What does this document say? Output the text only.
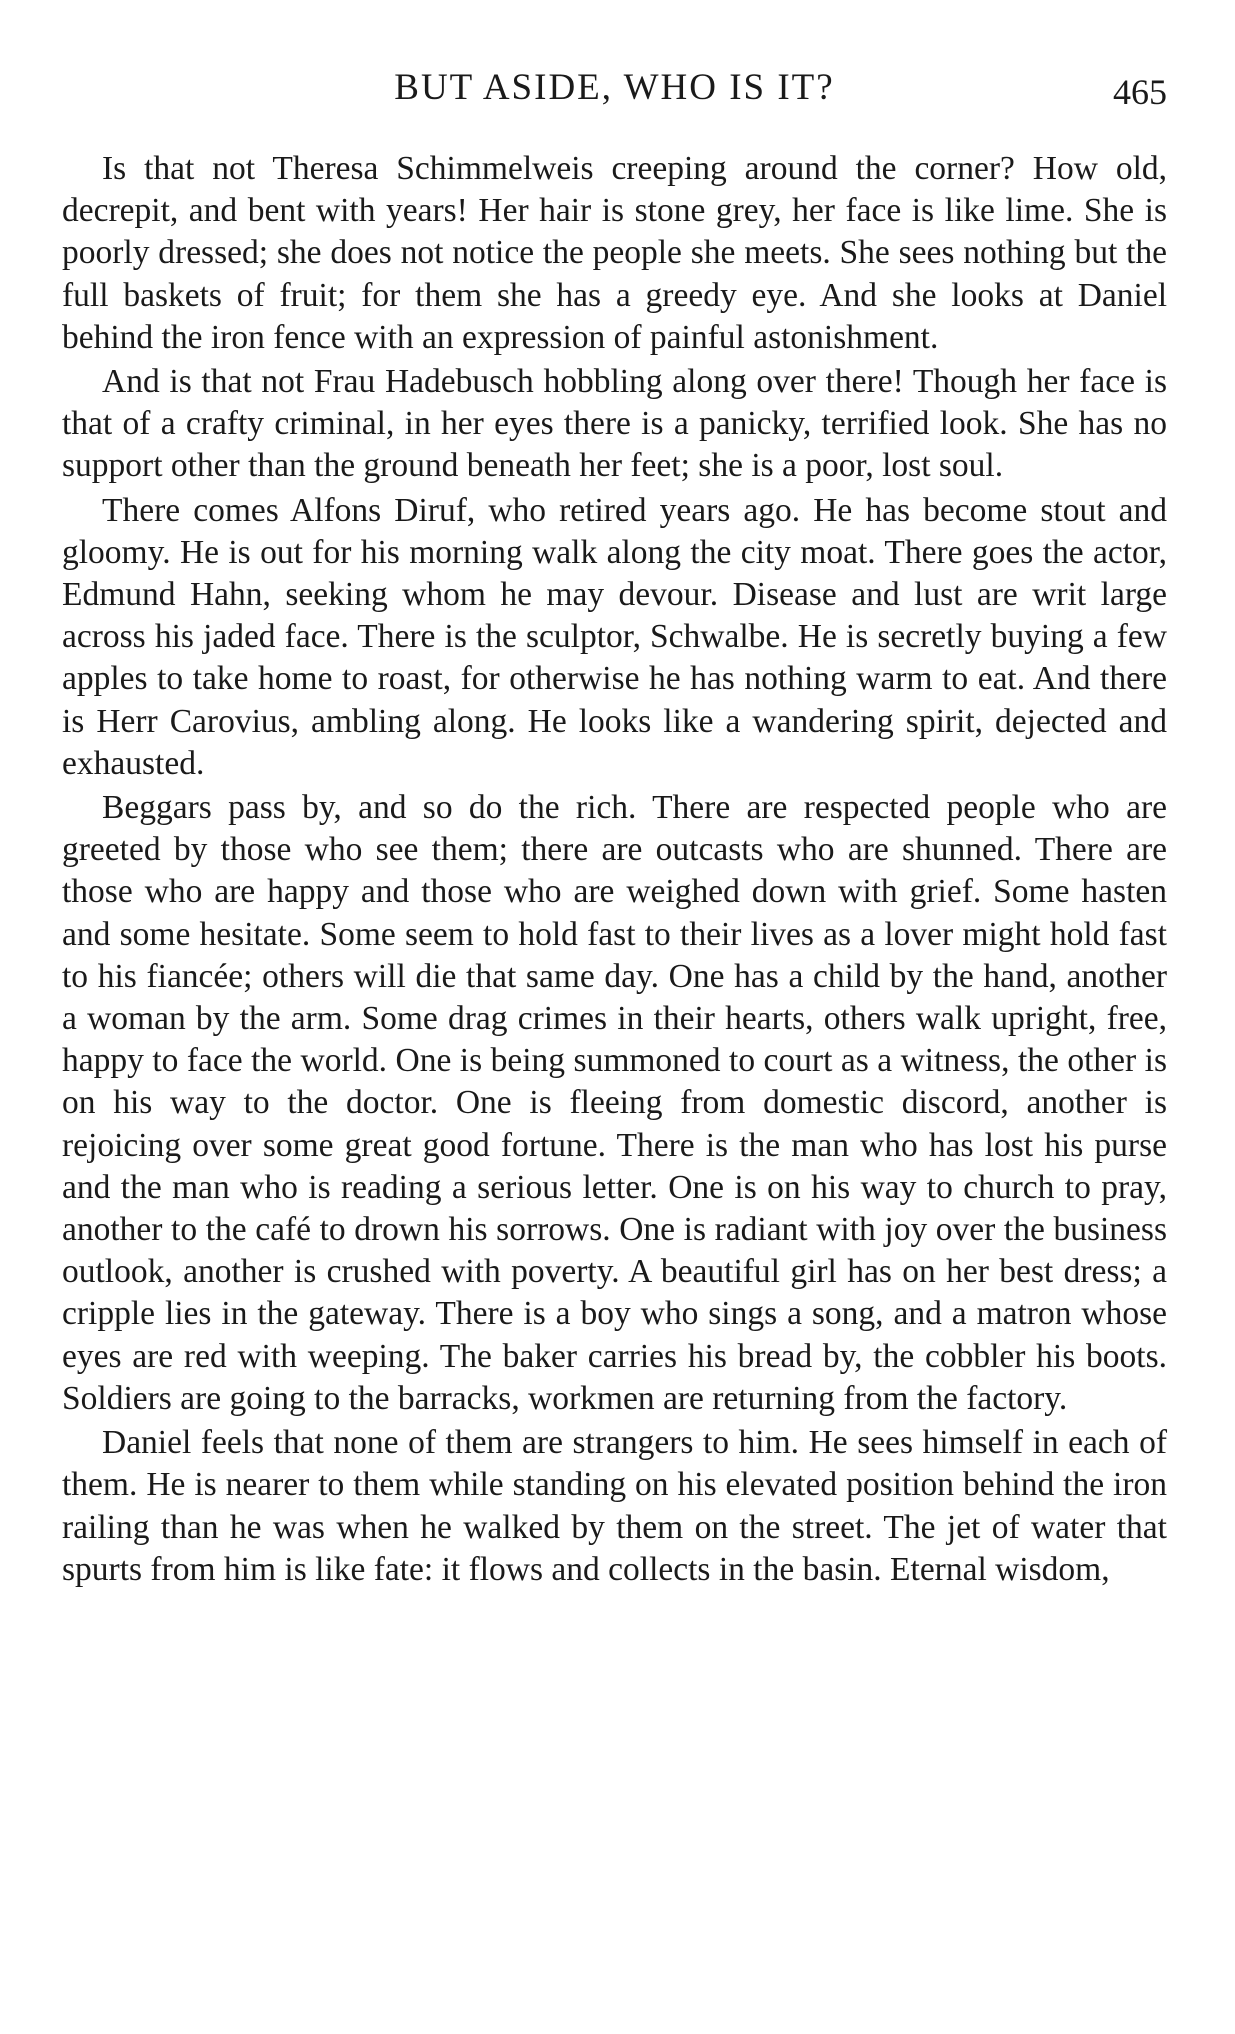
BUT ASIDE, WHO IS IT?	465

Is that not Theresa Schimmelweis creeping around the corner? How old, decrepit, and bent with years! Her hair is stone grey, her face is like lime. She is poorly dressed; she does not notice the people she meets. She sees nothing but the full baskets of fruit; for them she has a greedy eye. And she looks at Daniel behind the iron fence with an expression of painful astonishment.

And is that not Frau Hadebusch hobbling along over there! Though her face is that of a crafty criminal, in her eyes there is a panicky, terrified look. She has no support other than the ground beneath her feet; she is a poor, lost soul.

There comes Alfons Diruf, who retired years ago. He has become stout and gloomy. He is out for his morning walk along the city moat. There goes the actor, Edmund Hahn, seeking whom he may devour. Disease and lust are writ large across his jaded face. There is the sculptor, Schwalbe. He is secretly buying a few apples to take home to roast, for otherwise he has nothing warm to eat. And there is Herr Carovius, ambling along. He looks like a wandering spirit, dejected and exhausted.

Beggars pass by, and so do the rich. There are respected people who are greeted by those who see them; there are outcasts who are shunned. There are those who are happy and those who are weighed down with grief. Some hasten and some hesitate. Some seem to hold fast to their lives as a lover might hold fast to his fiancée; others will die that same day. One has a child by the hand, another a woman by the arm. Some drag crimes in their hearts, others walk upright, free, happy to face the world. One is being summoned to court as a witness, the other is on his way to the doctor. One is fleeing from domestic discord, another is rejoicing over some great good fortune. There is the man who has lost his purse and the man who is reading a serious letter. One is on his way to church to pray, another to the café to drown his sorrows. One is radiant with joy over the business outlook, another is crushed with poverty. A beautiful girl has on her best dress; a cripple lies in the gateway. There is a boy who sings a song, and a matron whose eyes are red with weeping. The baker carries his bread by, the cobbler his boots. Soldiers are going to the barracks, workmen are returning from the factory.

Daniel feels that none of them are strangers to him. He sees himself in each of them. He is nearer to them while standing on his elevated position behind the iron railing than he was when he walked by them on the street. The jet of water that spurts from him is like fate: it flows and collects in the basin. Eternal wisdom,
